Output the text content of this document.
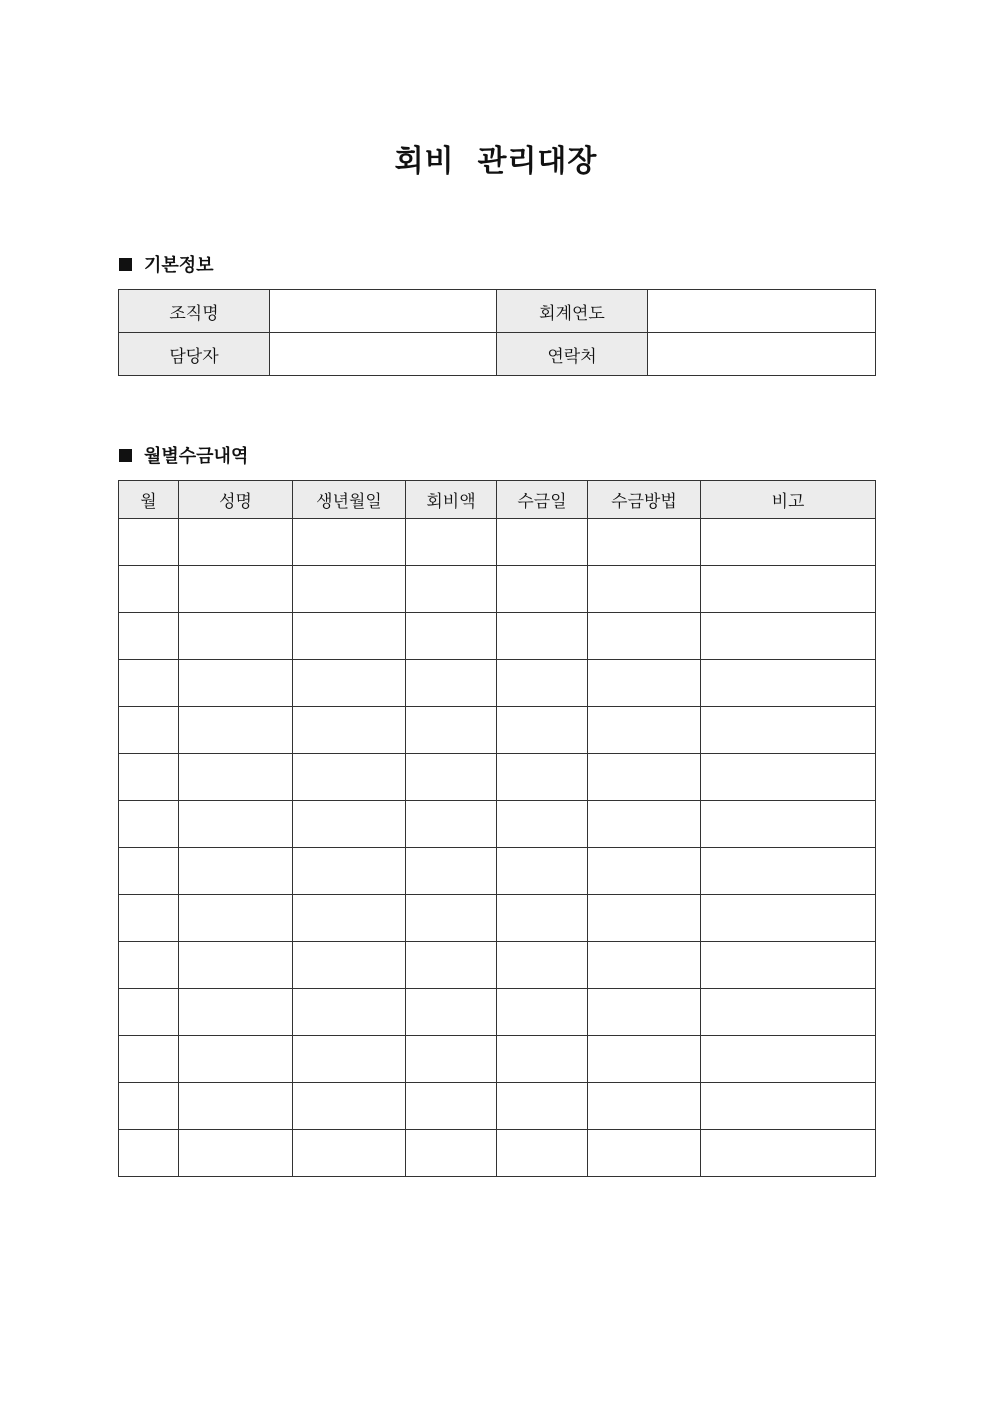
회비  관리대장
기본정보
조직명		회계연도	
담당자		연락처	
월별수금내역
월	성명	생년월일	회비액	수금일	수금방법	비고
